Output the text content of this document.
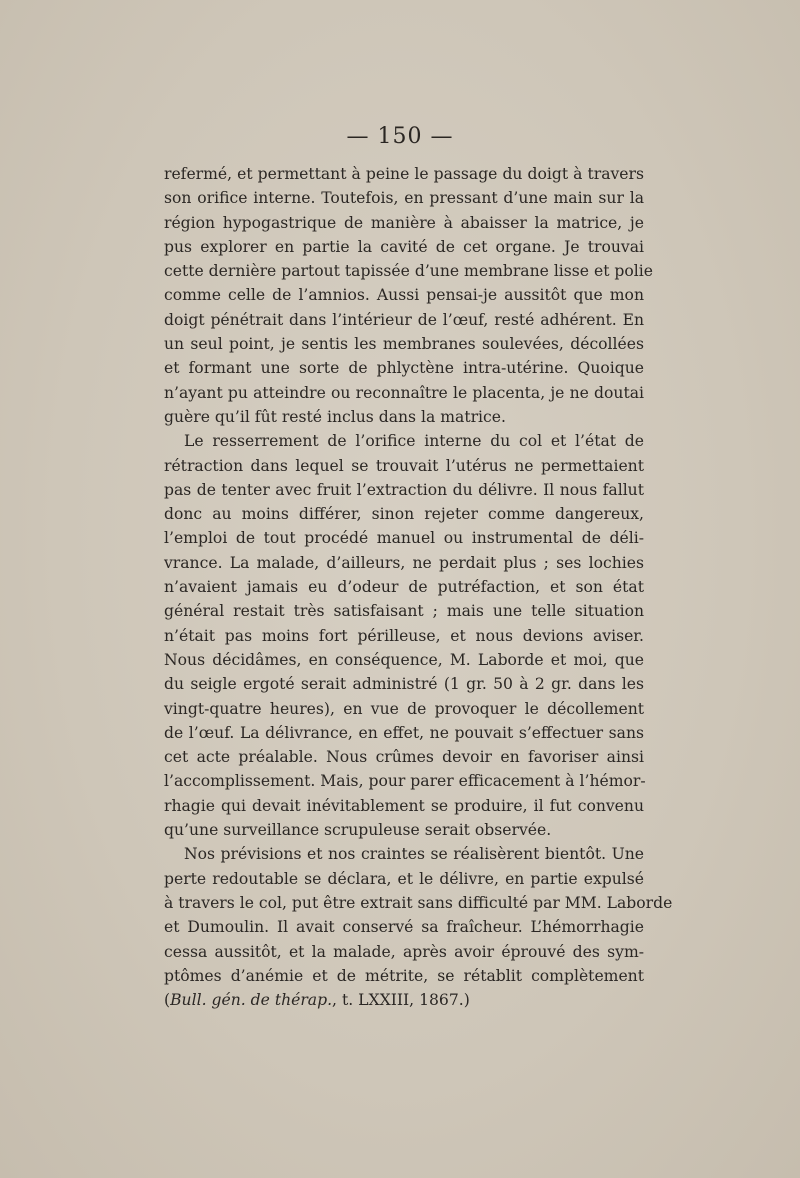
— 150 —
refermé, et permettant à peine le passage du doigt à travers
son orifice interne. Toutefois, en pressant d’une main sur la
région hypogastrique de manière à abaisser la matrice, je
pus explorer en partie la cavité de cet organe. Je trouvai
cette dernière partout tapissée d’une membrane lisse et polie
comme celle de l’amnios. Aussi pensai-je aussitôt que mon
doigt pénétrait dans l’intérieur de l’œuf, resté adhérent. En
un seul point, je sentis les membranes soulevées, décollées
et formant une sorte de phlyctène intra-utérine. Quoique
n’ayant pu atteindre ou reconnaître le placenta, je ne doutai
guère qu’il fût resté inclus dans la matrice.
Le resserrement de l’orifice interne du col et l’état de
rétraction dans lequel se trouvait l’utérus ne permettaient
pas de tenter avec fruit l’extraction du délivre. Il nous fallut
donc au moins différer, sinon rejeter comme dangereux,
l’emploi de tout procédé manuel ou instrumental de déli-
vrance. La malade, d’ailleurs, ne perdait plus ; ses lochies
n’avaient jamais eu d’odeur de putréfaction, et son état
général restait très satisfaisant ; mais une telle situation
n’était pas moins fort périlleuse, et nous devions aviser.
Nous décidâmes, en conséquence, M. Laborde et moi, que
du seigle ergoté serait administré (1 gr. 50 à 2 gr. dans les
vingt-quatre heures), en vue de provoquer le décollement
de l’œuf. La délivrance, en effet, ne pouvait s’effectuer sans
cet acte préalable. Nous crûmes devoir en favoriser ainsi
l’accomplissement. Mais, pour parer efficacement à l’hémor-
rhagie qui devait inévitablement se produire, il fut convenu
qu’une surveillance scrupuleuse serait observée.
Nos prévisions et nos craintes se réalisèrent bientôt. Une
perte redoutable se déclara, et le délivre, en partie expulsé
à travers le col, put être extrait sans difficulté par MM. Laborde
et Dumoulin. Il avait conservé sa fraîcheur. L’hémorrhagie
cessa aussitôt, et la malade, après avoir éprouvé des sym-
ptômes d’anémie et de métrite, se rétablit complètement
(Bull. gén. de thérap., t. LXXIII, 1867.)
